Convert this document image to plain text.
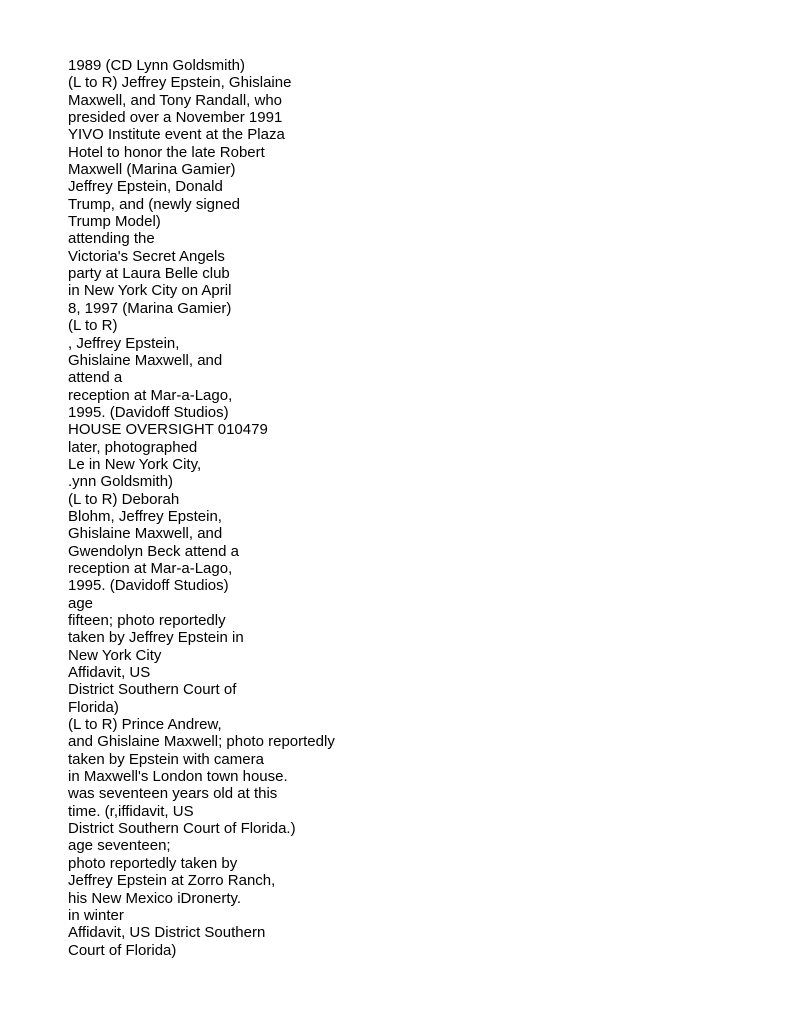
1989 (CD Lynn Goldsmith)
(L to R) Jeffrey Epstein, Ghislaine
Maxwell, and Tony Randall, who
presided over a November 1991
YIVO Institute event at the Plaza
Hotel to honor the late Robert
Maxwell (Marina Gamier)
Jeffrey Epstein, Donald
Trump, and (newly signed
Trump Model)
attending the
Victoria's Secret Angels
party at Laura Belle club
in New York City on April
8, 1997 (Marina Gamier)
(L to R)
, Jeffrey Epstein,
Ghislaine Maxwell, and
attend a
reception at Mar-a-Lago,
1995. (Davidoff Studios)
HOUSE OVERSIGHT 010479
later, photographed
Le in New York City,
.ynn Goldsmith)
(L to R) Deborah
Blohm, Jeffrey Epstein,
Ghislaine Maxwell, and
Gwendolyn Beck attend a
reception at Mar-a-Lago,
1995. (Davidoff Studios)
age
fifteen; photo reportedly
taken by Jeffrey Epstein in
New York City
Affidavit, US
District Southern Court of
Florida)
(L to R) Prince Andrew,
and Ghislaine Maxwell; photo reportedly
taken by Epstein with camera
in Maxwell's London town house.
was seventeen years old at this
time. (r,iffidavit, US
District Southern Court of Florida.)
age seventeen;
photo reportedly taken by
Jeffrey Epstein at Zorro Ranch,
his New Mexico iDronerty.
in winter
Affidavit, US District Southern
Court of Florida)
